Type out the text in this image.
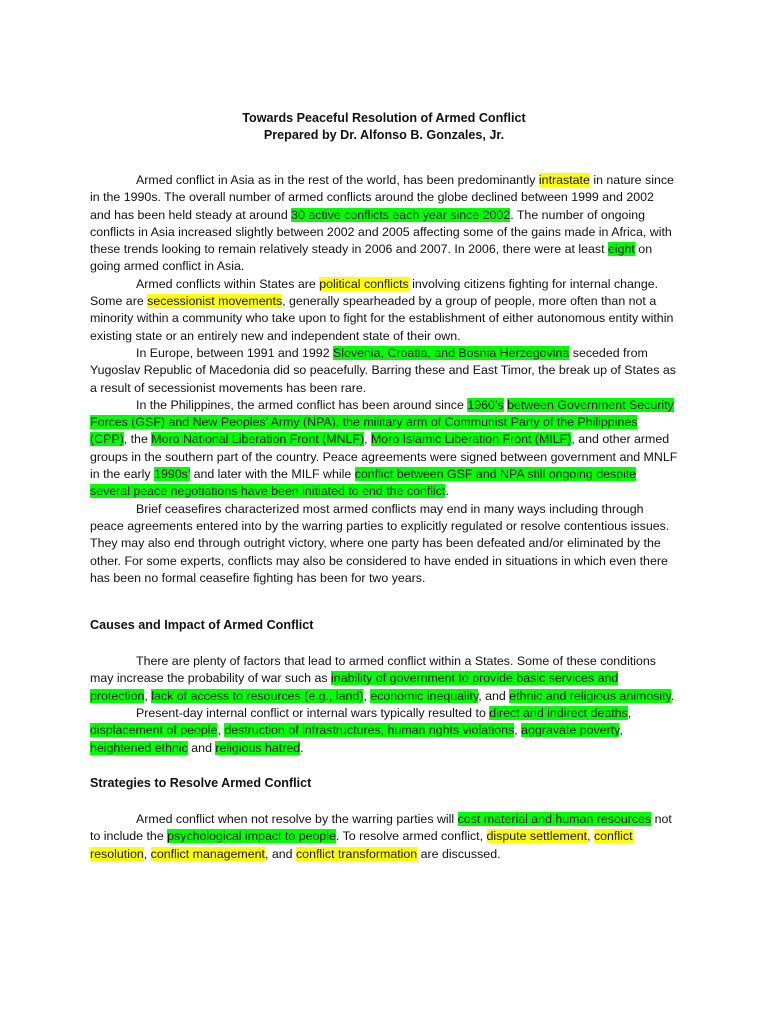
Towards Peaceful Resolution of Armed Conflict
Prepared by Dr. Alfonso B. Gonzales, Jr.

Armed conflict in Asia as in the rest of the world, has been predominantly intrastate in nature since in the 1990s. The overall number of armed conflicts around the globe declined between 1999 and 2002 and has been held steady at around 30 active conflicts each year since 2002. The number of ongoing conflicts in Asia increased slightly between 2002 and 2005 affecting some of the gains made in Africa, with these trends looking to remain relatively steady in 2006 and 2007. In 2006, there were at least eight on going armed conflict in Asia.

Armed conflicts within States are political conflicts involving citizens fighting for internal change. Some are secessionist movements, generally spearheaded by a group of people, more often than not a minority within a community who take upon to fight for the establishment of either autonomous entity within existing state or an entirely new and independent state of their own.

In Europe, between 1991 and 1992 Slovenia, Croatia, and Bosnia Herzegovina seceded from Yugoslav Republic of Macedonia did so peacefully. Barring these and East Timor, the break up of States as a result of secessionist movements has been rare.

In the Philippines, the armed conflict has been around since 1960’s between Government Security Forces (GSF) and New Peoples’ Army (NPA), the military arm of Communist Party of the Philippines (CPP), the Moro National Liberation Front (MNLF), Moro Islamic Liberation Front (MILF), and other armed groups in the southern part of the country. Peace agreements were signed between government and MNLF in the early 1990s’ and later with the MILF while conflict between GSF and NPA still ongoing despite several peace negotiations have been initiated to end the conflict.

Brief ceasefires characterized most armed conflicts may end in many ways including through peace agreements entered into by the warring parties to explicitly regulated or resolve contentious issues. They may also end through outright victory, where one party has been defeated and/or eliminated by the other. For some experts, conflicts may also be considered to have ended in situations in which even there has been no formal ceasefire fighting has been for two years.

Causes and Impact of Armed Conflict

There are plenty of factors that lead to armed conflict within a States. Some of these conditions may increase the probability of war such as inability of government to provide basic services and protection, lack of access to resources (e.g., land), economic inequality, and ethnic and religious animosity.

Present-day internal conflict or internal wars typically resulted to direct and indirect deaths, displacement of people, destruction of infrastructures, human rights violations, aggravate poverty, heightened ethnic and religious hatred.

Strategies to Resolve Armed Conflict

Armed conflict when not resolve by the warring parties will cost material and human resources not to include the psychological impact to people. To resolve armed conflict, dispute settlement, conflict resolution, conflict management, and conflict transformation are discussed.
